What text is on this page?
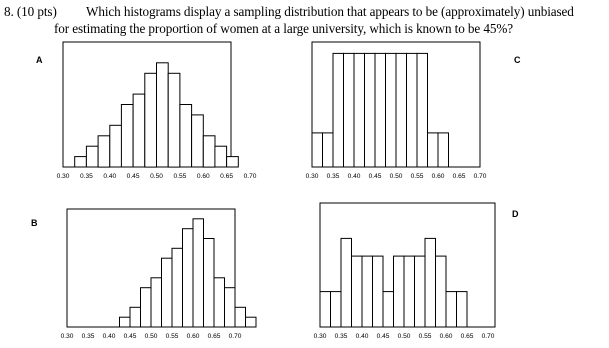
8. (10 pts) Which histograms display a sampling distribution that appears to be (approximately) unbiased
for estimating the proportion of women at a large university, which is known to be 45%?
A	C
B
D
0.30 0.35 0.40 0.45 0.50 0.55 0.60 0.65 0.70	0.30 0.35 0.40 0.45 0.50 0.55 0.60 0.65 0.70
0.30 0.35 0.40 0.45 0.50 0.55 0.60 0.65 0.70	0.30 0.35 0.40 0.45 0.50 0.55 0.60 0.65 0.70
